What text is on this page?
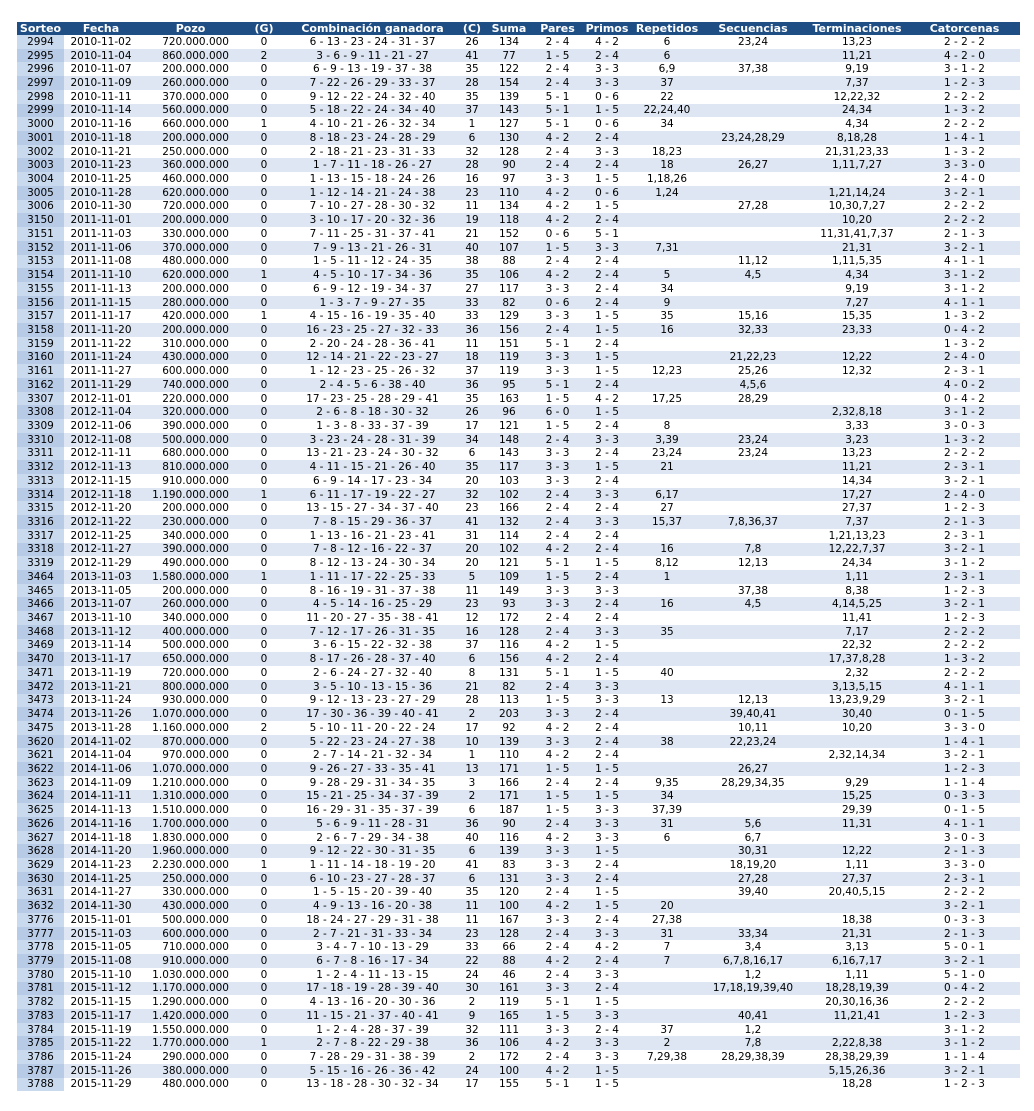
Sorteo	Fecha	Pozo	(G)	Combinación ganadora	(C)	Suma	Pares	Primos	Repetidos	Secuencias	Terminaciones	Catorcenas
2994	2010-11-02	720.000.000	0	6 - 13 - 23 - 24 - 31 - 37	26	134	2 - 4	4 - 2	6	23,24	13,23	2 - 2 - 2
2995	2010-11-04	860.000.000	2	3 - 6 - 9 - 11 - 21 - 27	41	77	1 - 5	2 - 4	6		11,21	4 - 2 - 0
2996	2010-11-07	200.000.000	0	6 - 9 - 13 - 19 - 37 - 38	35	122	2 - 4	3 - 3	6,9	37,38	9,19	3 - 1 - 2
2997	2010-11-09	260.000.000	0	7 - 22 - 26 - 29 - 33 - 37	28	154	2 - 4	3 - 3	37		7,37	1 - 2 - 3
2998	2010-11-11	370.000.000	0	9 - 12 - 22 - 24 - 32 - 40	35	139	5 - 1	0 - 6	22		12,22,32	2 - 2 - 2
2999	2010-11-14	560.000.000	0	5 - 18 - 22 - 24 - 34 - 40	37	143	5 - 1	1 - 5	22,24,40		24,34	1 - 3 - 2
3000	2010-11-16	660.000.000	1	4 - 10 - 21 - 26 - 32 - 34	1	127	5 - 1	0 - 6	34		4,34	2 - 2 - 2
3001	2010-11-18	200.000.000	0	8 - 18 - 23 - 24 - 28 - 29	6	130	4 - 2	2 - 4		23,24,28,29	8,18,28	1 - 4 - 1
3002	2010-11-21	250.000.000	0	2 - 18 - 21 - 23 - 31 - 33	32	128	2 - 4	3 - 3	18,23		21,31,23,33	1 - 3 - 2
3003	2010-11-23	360.000.000	0	1 - 7 - 11 - 18 - 26 - 27	28	90	2 - 4	2 - 4	18	26,27	1,11,7,27	3 - 3 - 0
3004	2010-11-25	460.000.000	0	1 - 13 - 15 - 18 - 24 - 26	16	97	3 - 3	1 - 5	1,18,26			2 - 4 - 0
3005	2010-11-28	620.000.000	0	1 - 12 - 14 - 21 - 24 - 38	23	110	4 - 2	0 - 6	1,24		1,21,14,24	3 - 2 - 1
3006	2010-11-30	720.000.000	0	7 - 10 - 27 - 28 - 30 - 32	11	134	4 - 2	1 - 5		27,28	10,30,7,27	2 - 2 - 2
3150	2011-11-01	200.000.000	0	3 - 10 - 17 - 20 - 32 - 36	19	118	4 - 2	2 - 4			10,20	2 - 2 - 2
3151	2011-11-03	330.000.000	0	7 - 11 - 25 - 31 - 37 - 41	21	152	0 - 6	5 - 1			11,31,41,7,37	2 - 1 - 3
3152	2011-11-06	370.000.000	0	7 - 9 - 13 - 21 - 26 - 31	40	107	1 - 5	3 - 3	7,31		21,31	3 - 2 - 1
3153	2011-11-08	480.000.000	0	1 - 5 - 11 - 12 - 24 - 35	38	88	2 - 4	2 - 4		11,12	1,11,5,35	4 - 1 - 1
3154	2011-11-10	620.000.000	1	4 - 5 - 10 - 17 - 34 - 36	35	106	4 - 2	2 - 4	5	4,5	4,34	3 - 1 - 2
3155	2011-11-13	200.000.000	0	6 - 9 - 12 - 19 - 34 - 37	27	117	3 - 3	2 - 4	34		9,19	3 - 1 - 2
3156	2011-11-15	280.000.000	0	1 - 3 - 7 - 9 - 27 - 35	33	82	0 - 6	2 - 4	9		7,27	4 - 1 - 1
3157	2011-11-17	420.000.000	1	4 - 15 - 16 - 19 - 35 - 40	33	129	3 - 3	1 - 5	35	15,16	15,35	1 - 3 - 2
3158	2011-11-20	200.000.000	0	16 - 23 - 25 - 27 - 32 - 33	36	156	2 - 4	1 - 5	16	32,33	23,33	0 - 4 - 2
3159	2011-11-22	310.000.000	0	2 - 20 - 24 - 28 - 36 - 41	11	151	5 - 1	2 - 4				1 - 3 - 2
3160	2011-11-24	430.000.000	0	12 - 14 - 21 - 22 - 23 - 27	18	119	3 - 3	1 - 5		21,22,23	12,22	2 - 4 - 0
3161	2011-11-27	600.000.000	0	1 - 12 - 23 - 25 - 26 - 32	37	119	3 - 3	1 - 5	12,23	25,26	12,32	2 - 3 - 1
3162	2011-11-29	740.000.000	0	2 - 4 - 5 - 6 - 38 - 40	36	95	5 - 1	2 - 4		4,5,6		4 - 0 - 2
3307	2012-11-01	220.000.000	0	17 - 23 - 25 - 28 - 29 - 41	35	163	1 - 5	4 - 2	17,25	28,29		0 - 4 - 2
3308	2012-11-04	320.000.000	0	2 - 6 - 8 - 18 - 30 - 32	26	96	6 - 0	1 - 5			2,32,8,18	3 - 1 - 2
3309	2012-11-06	390.000.000	0	1 - 3 - 8 - 33 - 37 - 39	17	121	1 - 5	2 - 4	8		3,33	3 - 0 - 3
3310	2012-11-08	500.000.000	0	3 - 23 - 24 - 28 - 31 - 39	34	148	2 - 4	3 - 3	3,39	23,24	3,23	1 - 3 - 2
3311	2012-11-11	680.000.000	0	13 - 21 - 23 - 24 - 30 - 32	6	143	3 - 3	2 - 4	23,24	23,24	13,23	2 - 2 - 2
3312	2012-11-13	810.000.000	0	4 - 11 - 15 - 21 - 26 - 40	35	117	3 - 3	1 - 5	21		11,21	2 - 3 - 1
3313	2012-11-15	910.000.000	0	6 - 9 - 14 - 17 - 23 - 34	20	103	3 - 3	2 - 4			14,34	3 - 2 - 1
3314	2012-11-18	1.190.000.000	1	6 - 11 - 17 - 19 - 22 - 27	32	102	2 - 4	3 - 3	6,17		17,27	2 - 4 - 0
3315	2012-11-20	200.000.000	0	13 - 15 - 27 - 34 - 37 - 40	23	166	2 - 4	2 - 4	27		27,37	1 - 2 - 3
3316	2012-11-22	230.000.000	0	7 - 8 - 15 - 29 - 36 - 37	41	132	2 - 4	3 - 3	15,37	7,8,36,37	7,37	2 - 1 - 3
3317	2012-11-25	340.000.000	0	1 - 13 - 16 - 21 - 23 - 41	31	114	2 - 4	2 - 4			1,21,13,23	2 - 3 - 1
3318	2012-11-27	390.000.000	0	7 - 8 - 12 - 16 - 22 - 37	20	102	4 - 2	2 - 4	16	7,8	12,22,7,37	3 - 2 - 1
3319	2012-11-29	490.000.000	0	8 - 12 - 13 - 24 - 30 - 34	20	121	5 - 1	1 - 5	8,12	12,13	24,34	3 - 1 - 2
3464	2013-11-03	1.580.000.000	1	1 - 11 - 17 - 22 - 25 - 33	5	109	1 - 5	2 - 4	1		1,11	2 - 3 - 1
3465	2013-11-05	200.000.000	0	8 - 16 - 19 - 31 - 37 - 38	11	149	3 - 3	3 - 3		37,38	8,38	1 - 2 - 3
3466	2013-11-07	260.000.000	0	4 - 5 - 14 - 16 - 25 - 29	23	93	3 - 3	2 - 4	16	4,5	4,14,5,25	3 - 2 - 1
3467	2013-11-10	340.000.000	0	11 - 20 - 27 - 35 - 38 - 41	12	172	2 - 4	2 - 4			11,41	1 - 2 - 3
3468	2013-11-12	400.000.000	0	7 - 12 - 17 - 26 - 31 - 35	16	128	2 - 4	3 - 3	35		7,17	2 - 2 - 2
3469	2013-11-14	500.000.000	0	3 - 6 - 15 - 22 - 32 - 38	37	116	4 - 2	1 - 5			22,32	2 - 2 - 2
3470	2013-11-17	650.000.000	0	8 - 17 - 26 - 28 - 37 - 40	6	156	4 - 2	2 - 4			17,37,8,28	1 - 3 - 2
3471	2013-11-19	720.000.000	0	2 - 6 - 24 - 27 - 32 - 40	8	131	5 - 1	1 - 5	40		2,32	2 - 2 - 2
3472	2013-11-21	800.000.000	0	3 - 5 - 10 - 13 - 15 - 36	21	82	2 - 4	3 - 3			3,13,5,15	4 - 1 - 1
3473	2013-11-24	930.000.000	0	9 - 12 - 13 - 23 - 27 - 29	28	113	1 - 5	3 - 3	13	12,13	13,23,9,29	3 - 2 - 1
3474	2013-11-26	1.070.000.000	0	17 - 30 - 36 - 39 - 40 - 41	2	203	3 - 3	2 - 4		39,40,41	30,40	0 - 1 - 5
3475	2013-11-28	1.160.000.000	2	5 - 10 - 11 - 20 - 22 - 24	17	92	4 - 2	2 - 4		10,11	10,20	3 - 3 - 0
3620	2014-11-02	870.000.000	0	5 - 22 - 23 - 24 - 27 - 38	10	139	3 - 3	2 - 4	38	22,23,24		1 - 4 - 1
3621	2014-11-04	970.000.000	0	2 - 7 - 14 - 21 - 32 - 34	1	110	4 - 2	2 - 4			2,32,14,34	3 - 2 - 1
3622	2014-11-06	1.070.000.000	0	9 - 26 - 27 - 33 - 35 - 41	13	171	1 - 5	1 - 5		26,27		1 - 2 - 3
3623	2014-11-09	1.210.000.000	0	9 - 28 - 29 - 31 - 34 - 35	3	166	2 - 4	2 - 4	9,35	28,29,34,35	9,29	1 - 1 - 4
3624	2014-11-11	1.310.000.000	0	15 - 21 - 25 - 34 - 37 - 39	2	171	1 - 5	1 - 5	34		15,25	0 - 3 - 3
3625	2014-11-13	1.510.000.000	0	16 - 29 - 31 - 35 - 37 - 39	6	187	1 - 5	3 - 3	37,39		29,39	0 - 1 - 5
3626	2014-11-16	1.700.000.000	0	5 - 6 - 9 - 11 - 28 - 31	36	90	2 - 4	3 - 3	31	5,6	11,31	4 - 1 - 1
3627	2014-11-18	1.830.000.000	0	2 - 6 - 7 - 29 - 34 - 38	40	116	4 - 2	3 - 3	6	6,7		3 - 0 - 3
3628	2014-11-20	1.960.000.000	0	9 - 12 - 22 - 30 - 31 - 35	6	139	3 - 3	1 - 5		30,31	12,22	2 - 1 - 3
3629	2014-11-23	2.230.000.000	1	1 - 11 - 14 - 18 - 19 - 20	41	83	3 - 3	2 - 4		18,19,20	1,11	3 - 3 - 0
3630	2014-11-25	250.000.000	0	6 - 10 - 23 - 27 - 28 - 37	6	131	3 - 3	2 - 4		27,28	27,37	2 - 3 - 1
3631	2014-11-27	330.000.000	0	1 - 5 - 15 - 20 - 39 - 40	35	120	2 - 4	1 - 5		39,40	20,40,5,15	2 - 2 - 2
3632	2014-11-30	430.000.000	0	4 - 9 - 13 - 16 - 20 - 38	11	100	4 - 2	1 - 5	20			3 - 2 - 1
3776	2015-11-01	500.000.000	0	18 - 24 - 27 - 29 - 31 - 38	11	167	3 - 3	2 - 4	27,38		18,38	0 - 3 - 3
3777	2015-11-03	600.000.000	0	2 - 7 - 21 - 31 - 33 - 34	23	128	2 - 4	3 - 3	31	33,34	21,31	2 - 1 - 3
3778	2015-11-05	710.000.000	0	3 - 4 - 7 - 10 - 13 - 29	33	66	2 - 4	4 - 2	7	3,4	3,13	5 - 0 - 1
3779	2015-11-08	910.000.000	0	6 - 7 - 8 - 16 - 17 - 34	22	88	4 - 2	2 - 4	7	6,7,8,16,17	6,16,7,17	3 - 2 - 1
3780	2015-11-10	1.030.000.000	0	1 - 2 - 4 - 11 - 13 - 15	24	46	2 - 4	3 - 3		1,2	1,11	5 - 1 - 0
3781	2015-11-12	1.170.000.000	0	17 - 18 - 19 - 28 - 39 - 40	30	161	3 - 3	2 - 4		17,18,19,39,40	18,28,19,39	0 - 4 - 2
3782	2015-11-15	1.290.000.000	0	4 - 13 - 16 - 20 - 30 - 36	2	119	5 - 1	1 - 5			20,30,16,36	2 - 2 - 2
3783	2015-11-17	1.420.000.000	0	11 - 15 - 21 - 37 - 40 - 41	9	165	1 - 5	3 - 3		40,41	11,21,41	1 - 2 - 3
3784	2015-11-19	1.550.000.000	0	1 - 2 - 4 - 28 - 37 - 39	32	111	3 - 3	2 - 4	37	1,2		3 - 1 - 2
3785	2015-11-22	1.770.000.000	1	2 - 7 - 8 - 22 - 29 - 38	36	106	4 - 2	3 - 3	2	7,8	2,22,8,38	3 - 1 - 2
3786	2015-11-24	290.000.000	0	7 - 28 - 29 - 31 - 38 - 39	2	172	2 - 4	3 - 3	7,29,38	28,29,38,39	28,38,29,39	1 - 1 - 4
3787	2015-11-26	380.000.000	0	5 - 15 - 16 - 26 - 36 - 42	24	100	4 - 2	1 - 5			5,15,26,36	3 - 2 - 1
3788	2015-11-29	480.000.000	0	13 - 18 - 28 - 30 - 32 - 34	17	155	5 - 1	1 - 5			18,28	1 - 2 - 3
